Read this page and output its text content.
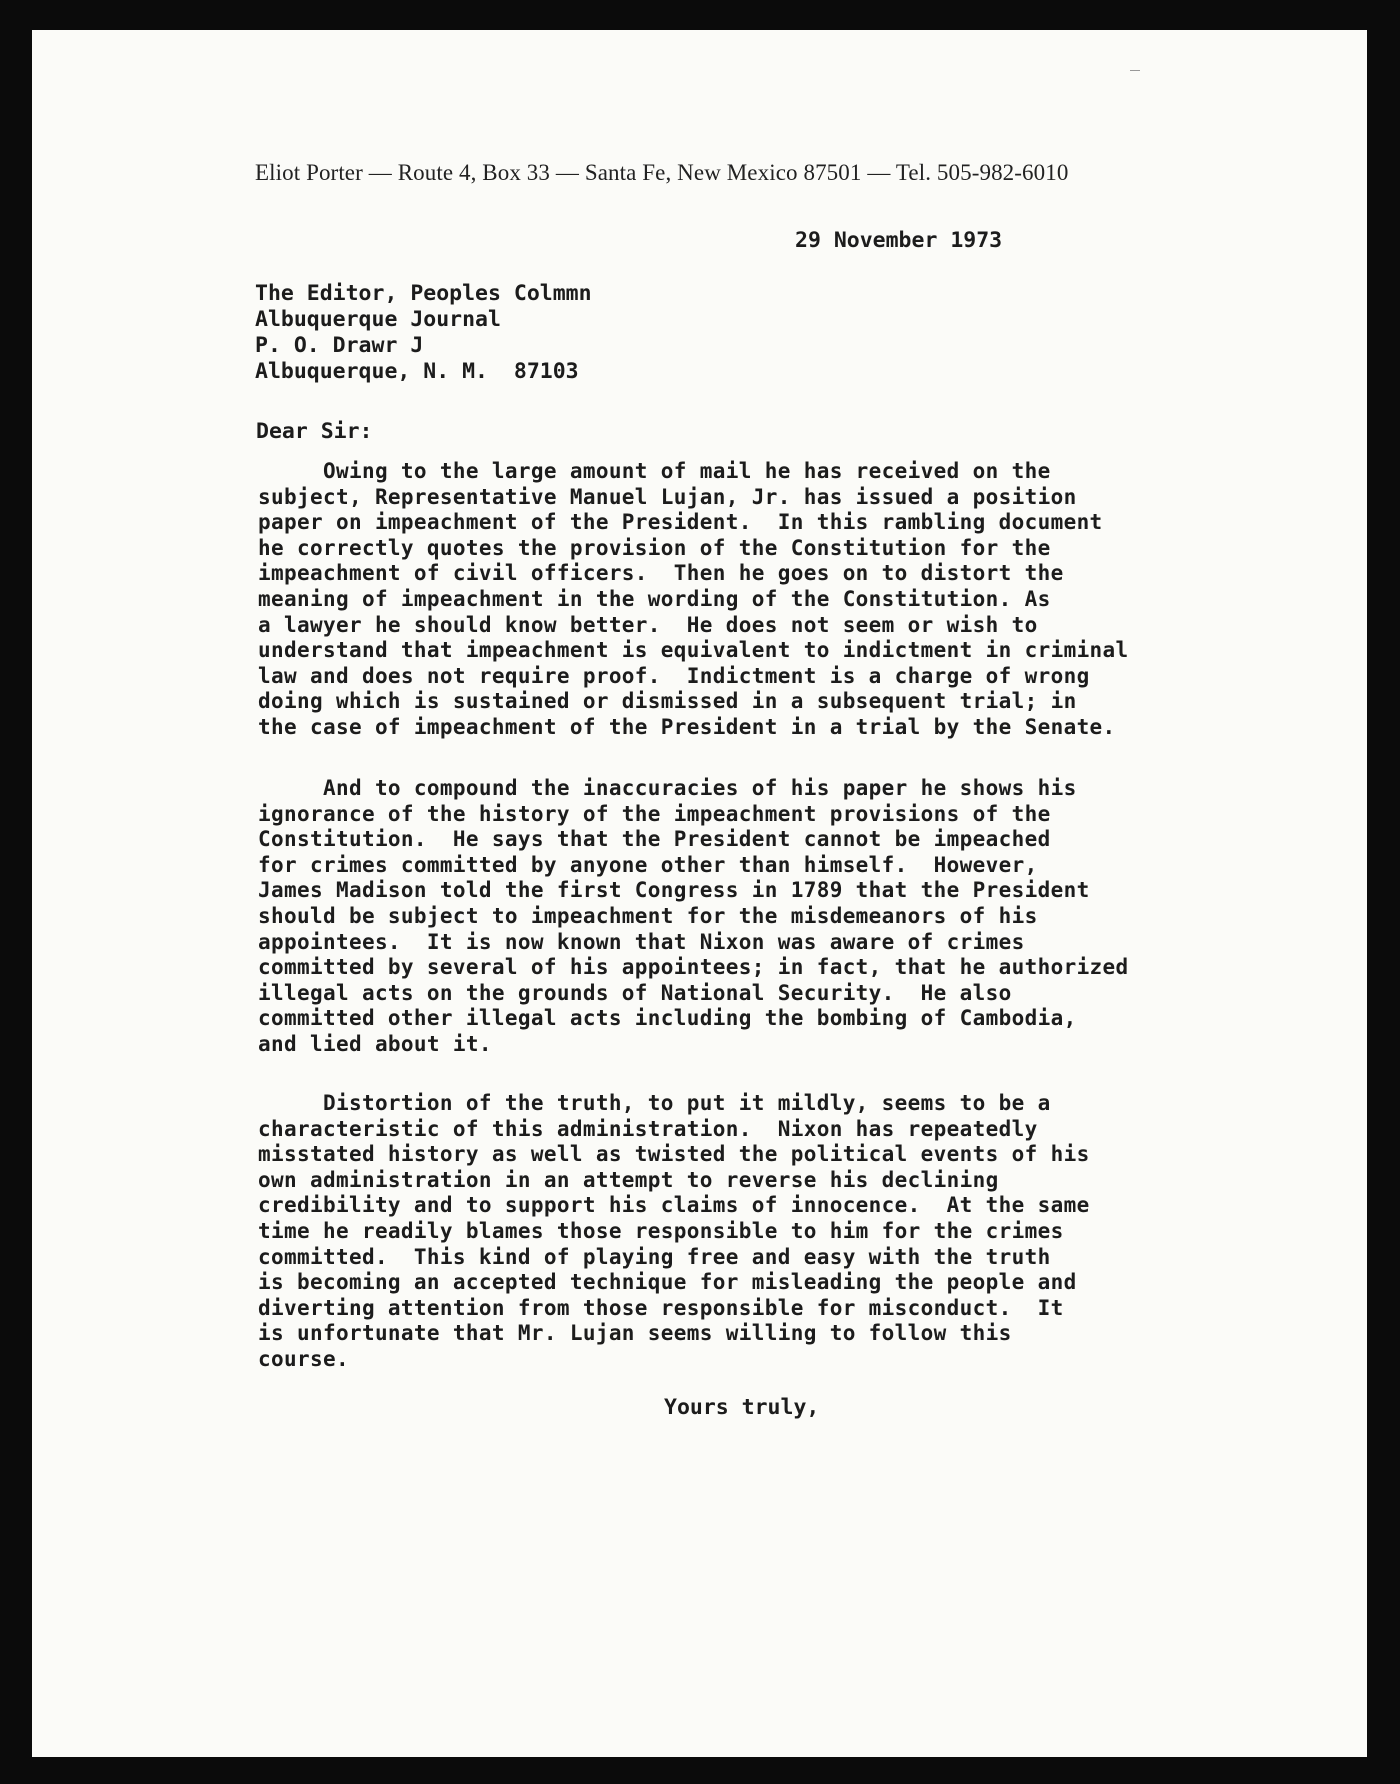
Eliot Porter — Route 4, Box 33 — Santa Fe, New Mexico 87501 — Tel. 505-982-6010
29 November 1973
The Editor, Peoples Colmmn
Albuquerque Journal
P. O. Drawr J
Albuquerque, N. M.  87103
Dear Sir:
Owing to the large amount of mail he has received on the
subject, Representative Manuel Lujan, Jr. has issued a position
paper on impeachment of the President.  In this rambling document
he correctly quotes the provision of the Constitution for the
impeachment of civil officers.  Then he goes on to distort the
meaning of impeachment in the wording of the Constitution. As
a lawyer he should know better.  He does not seem or wish to
understand that impeachment is equivalent to indictment in criminal
law and does not require proof.  Indictment is a charge of wrong
doing which is sustained or dismissed in a subsequent trial; in
the case of impeachment of the President in a trial by the Senate.
And to compound the inaccuracies of his paper he shows his
ignorance of the history of the impeachment provisions of the
Constitution.  He says that the President cannot be impeached
for crimes committed by anyone other than himself.  However,
James Madison told the first Congress in 1789 that the President
should be subject to impeachment for the misdemeanors of his
appointees.  It is now known that Nixon was aware of crimes
committed by several of his appointees; in fact, that he authorized
illegal acts on the grounds of National Security.  He also
committed other illegal acts including the bombing of Cambodia,
and lied about it.
Distortion of the truth, to put it mildly, seems to be a
characteristic of this administration.  Nixon has repeatedly
misstated history as well as twisted the political events of his
own administration in an attempt to reverse his declining
credibility and to support his claims of innocence.  At the same
time he readily blames those responsible to him for the crimes
committed.  This kind of playing free and easy with the truth
is becoming an accepted technique for misleading the people and
diverting attention from those responsible for misconduct.  It
is unfortunate that Mr. Lujan seems willing to follow this
course.
Yours truly,
